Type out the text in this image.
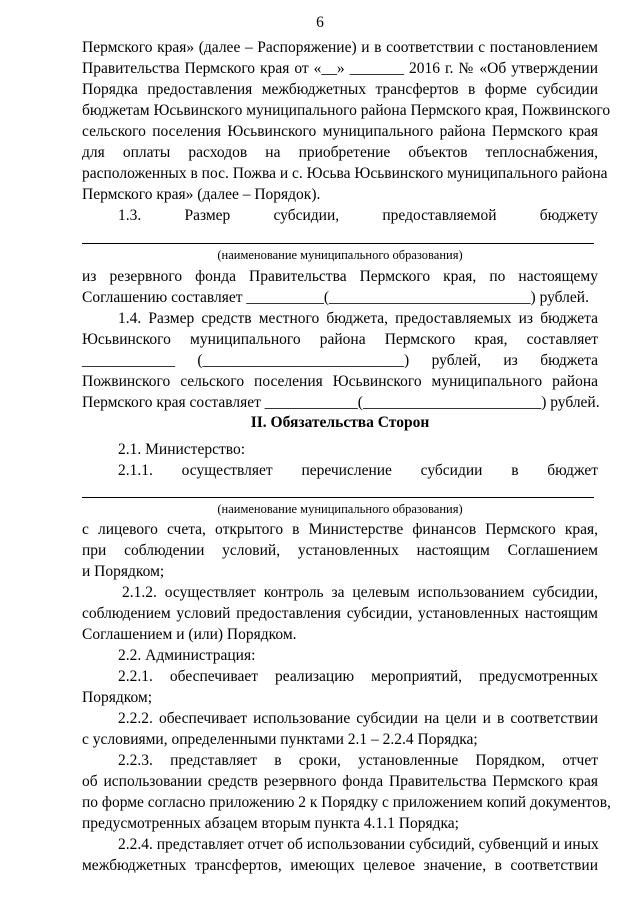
6
Пермского края» (далее – Распоряжение) и в соответствии с постановлением
Правительства Пермского края от «__» _______ 2016 г. № «Об утверждении
Порядка предоставления межбюджетных трансфертов в форме субсидии
бюджетам Юсьвинского муниципального района Пермского края, Пожвинского
сельского поселения Юсьвинского муниципального района Пермского края
для оплаты расходов на приобретение объектов теплоснабжения,
расположенных в пос. Пожва и с. Юсьва Юсьвинского муниципального района
Пермского края» (далее – Порядок).
1.3. Размер субсидии, предоставляемой бюджету
(наименование муниципального образования)
из резервного фонда Правительства Пермского края, по настоящему
Соглашению составляет __________(__________________________) рублей.
1.4. Размер средств местного бюджета, предоставляемых из бюджета
Юсьвинского муниципального района Пермского края, составляет
____________ (__________________________) рублей, из бюджета
Пожвинского сельского поселения Юсьвинского муниципального района
Пермского края составляет ____________(_______________________) рублей.
II. Обязательства Сторон
2.1. Министерство:
2.1.1. осуществляет перечисление субсидии в бюджет
(наименование муниципального образования)
с лицевого счета, открытого в Министерстве финансов Пермского края,
при соблюдении условий, установленных настоящим Соглашением
и Порядком;
2.1.2. осуществляет контроль за целевым использованием субсидии,
соблюдением условий предоставления субсидии, установленных настоящим
Соглашением и (или) Порядком.
2.2. Администрация:
2.2.1. обеспечивает реализацию мероприятий, предусмотренных
Порядком;
2.2.2. обеспечивает использование субсидии на цели и в соответствии
с условиями, определенными пунктами 2.1 – 2.2.4 Порядка;
2.2.3. представляет в сроки, установленные Порядком, отчет
об использовании средств резервного фонда Правительства Пермского края
по форме согласно приложению 2 к Порядку с приложением копий документов,
предусмотренных абзацем вторым пункта 4.1.1 Порядка;
2.2.4. представляет отчет об использовании субсидий, субвенций и иных
межбюджетных трансфертов, имеющих целевое значение, в соответствии
